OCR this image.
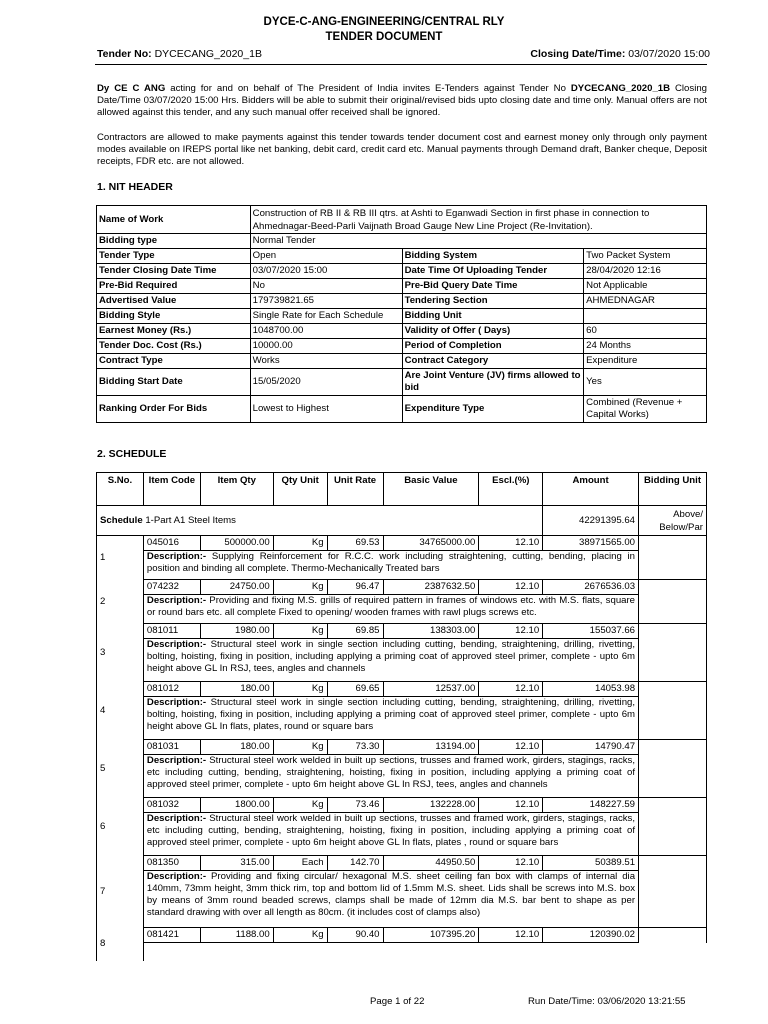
DYCE-C-ANG-ENGINEERING/CENTRAL RLY
TENDER DOCUMENT
Tender No: DYCECANG_2020_1B	Closing Date/Time: 03/07/2020 15:00
Dy CE C ANG acting for and on behalf of The President of India invites E-Tenders against Tender No DYCECANG_2020_1B Closing Date/Time 03/07/2020 15:00 Hrs. Bidders will be able to submit their original/revised bids upto closing date and time only. Manual offers are not allowed against this tender, and any such manual offer received shall be ignored.
Contractors are allowed to make payments against this tender towards tender document cost and earnest money only through only payment modes available on IREPS portal like net banking, debit card, credit card etc. Manual payments through Demand draft, Banker cheque, Deposit receipts, FDR etc. are not allowed.
1. NIT HEADER
Name of Work	Construction of RB II & RB III qtrs. at Ashti to Eganwadi Section in first phase in connection to Ahmednagar-Beed-Parli Vaijnath Broad Gauge New Line Project (Re-Invitation).		
Bidding type	Normal Tender		
Tender Type	Open	Bidding System	Two Packet System
Tender Closing Date Time	03/07/2020 15:00	Date Time Of Uploading Tender	28/04/2020 12:16
Pre-Bid Required	No	Pre-Bid Query Date Time	Not Applicable
Advertised Value	179739821.65	Tendering Section	AHMEDNAGAR
Bidding Style	Single Rate for Each Schedule	Bidding Unit	
Earnest Money (Rs.)	1048700.00	Validity of Offer ( Days)	60
Tender Doc. Cost (Rs.)	10000.00	Period of Completion	24 Months
Contract Type	Works	Contract Category	Expenditure
Bidding Start Date	15/05/2020	Are Joint Venture (JV) firms allowed to bid	Yes
Ranking Order For Bids	Lowest to Highest	Expenditure Type	Combined (Revenue + Capital Works)
2. SCHEDULE
S.No.	Item Code	Item Qty	Qty Unit	Unit Rate	Basic Value	Escl.(%)	Amount	Bidding Unit
Schedule 1-Part A1 Steel Items							42291395.64	Above/ Below/Par
1	045016	500000.00	Kg	69.53	34765000.00	12.10	38971565.00	
	Description:- Supplying Reinforcement for R.C.C. work including straightening, cutting, bending, placing in position and binding all complete. Thermo-Mechanically Treated bars							
2	074232	24750.00	Kg	96.47	2387632.50	12.10	2676536.03	
	Description:- Providing and fixing M.S. grills of required pattern in frames of windows etc. with M.S. flats, square or round bars etc. all complete Fixed to opening/ wooden frames with rawl plugs screws etc.							
3	081011	1980.00	Kg	69.85	138303.00	12.10	155037.66	
	Description:- Structural steel work in single section including cutting, bending, straightening, drilling, rivetting, bolting, hoisting, fixing in position, including applying a priming coat of approved steel primer, complete - upto 6m height above GL In RSJ, tees, angles and channels							
4	081012	180.00	Kg	69.65	12537.00	12.10	14053.98	
	Description:- Structural steel work in single section including cutting, bending, straightening, drilling, rivetting, bolting, hoisting, fixing in position, including applying a priming coat of approved steel primer, complete - upto 6m height above GL In flats, plates, round or square bars							
5	081031	180.00	Kg	73.30	13194.00	12.10	14790.47	
	Description:- Structural steel work welded in built up sections, trusses and framed work, girders, stagings, racks, etc including cutting, bending, straightening, hoisting, fixing in position, including applying a priming coat of approved steel primer, complete - upto 6m height above GL In RSJ, tees, angles and channels							
6	081032	1800.00	Kg	73.46	132228.00	12.10	148227.59	
	Description:- Structural steel work welded in built up sections, trusses and framed work, girders, stagings, racks, etc including cutting, bending, straightening, hoisting, fixing in position, including applying a priming coat of approved steel primer, complete - upto 6m height above GL In flats, plates , round or square bars							
7	081350	315.00	Each	142.70	44950.50	12.10	50389.51	
	Description:- Providing and fixing circular/ hexagonal M.S. sheet ceiling fan box with clamps of internal dia 140mm, 73mm height, 3mm thick rim, top and bottom lid of 1.5mm M.S. sheet. Lids shall be screws into M.S. box by means of 3mm round beaded screws, clamps shall be made of 12mm dia M.S. bar bent to shape as per standard drawing with over all length as 80cm. (it includes cost of clamps also)							
8	081421	1188.00	Kg	90.40	107395.20	12.10	120390.02	

Page 1 of 22	Run Date/Time: 03/06/2020 13:21:55
